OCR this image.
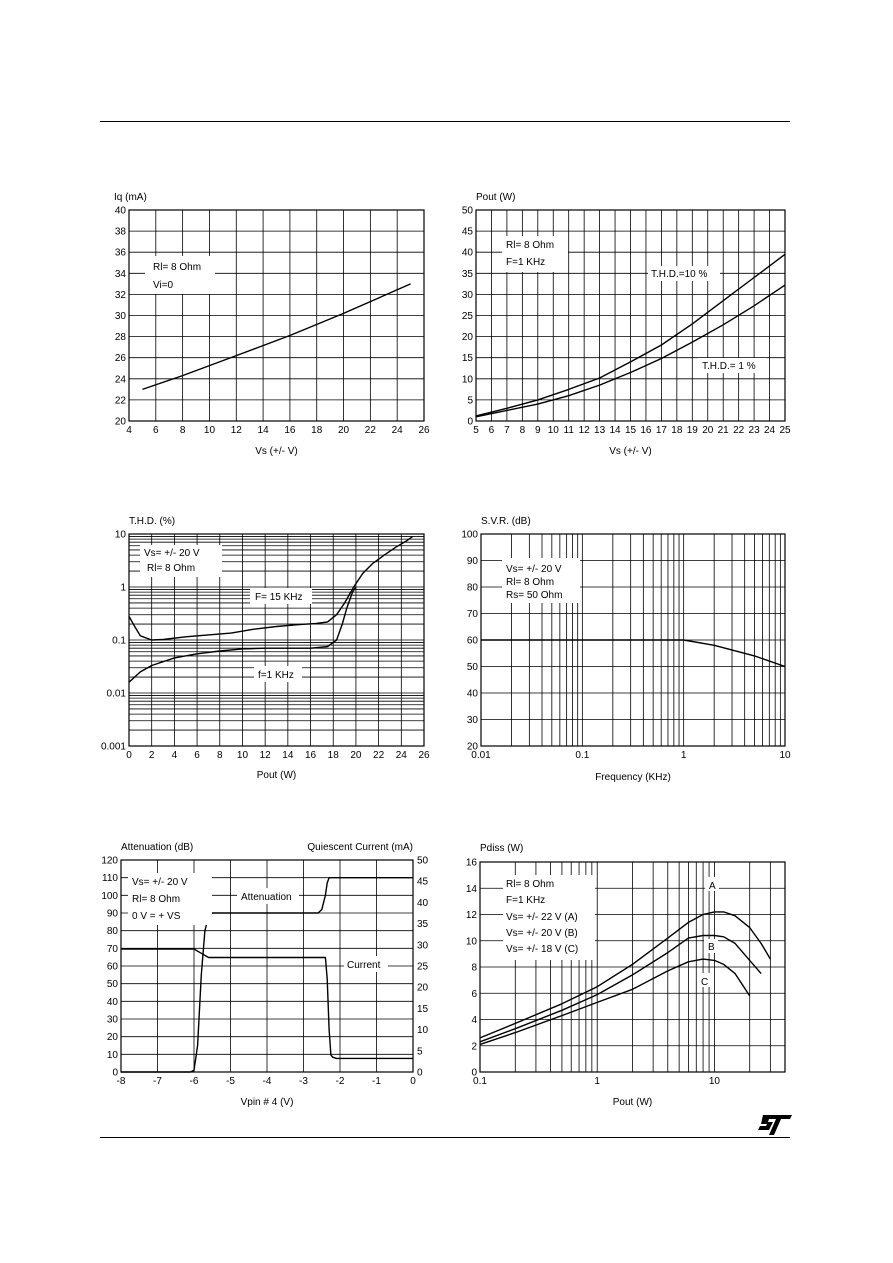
4 6 8 10 12 14 16 18 20 22 24 26
20
22
24
26
28
30
32
34
36
38
40
Iq (mA)
Vs (+/- V)
Rl= 8 Ohm
Vi=0
5 6 7 8 9 10 11 12 13 14 15 16 17 18 19 20 21 22 23 24 25
0
5
10
15
20
25
30
35
40
45
50
Pout (W)
Vs (+/- V)
Rl= 8 Ohm
F=1 KHz
T.H.D.=10 %
T.H.D.= 1 %
0 2 4 6 8 10 12 14 16 18 20 22 24 26
0.001
0.01
0.1
1
10
T.H.D. (%)
Pout (W)
Vs= +/- 20 V
Rl= 8 Ohm
F= 15 KHz
f=1 KHz
0.01	0.1	1	10
20
30
40
50
60
70
80
90
100
S.V.R. (dB)
Frequency (KHz)
Vs= +/- 20 V
Rl= 8 Ohm
Rs= 50 Ohm
-8	-7	-6	-5	-4	-3	-2	-1	0
0
10
20
30
40
50
60
70
80
90
100
110
120
0
5
10
15
20
25
30
35
40
45
50
Attenuation (dB)	Quiescent Current (mA)
Vpin # 4 (V)
Vs= +/- 20 V
Rl= 8 Ohm
0 V = + VS
Attenuation
Current
0.1	1	10
0
2
4
6
8
10
12
14
16
Pdiss (W)
Pout (W)
Rl= 8 Ohm
F=1 KHz
Vs= +/- 22 V (A)
Vs= +/- 20 V (B)
Vs= +/- 18 V (C)
A
B
C
